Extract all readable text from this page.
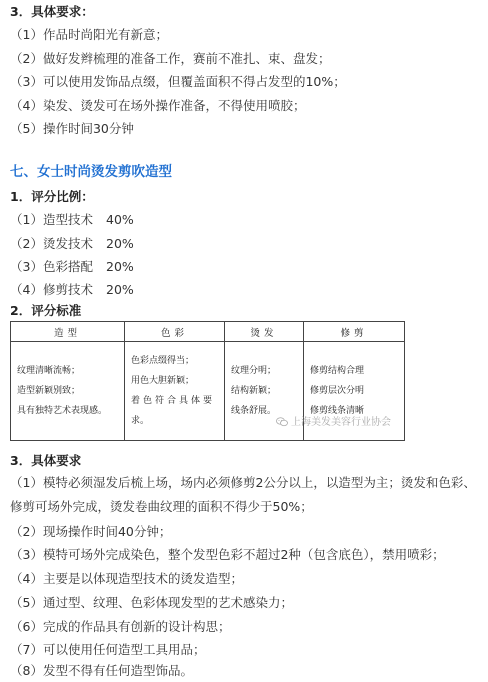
3．具体要求：
（1）作品时尚阳光有新意；
（2）做好发辫梳理的准备工作，赛前不准扎、束、盘发；
（3）可以使用发饰品点缀，但覆盖面积不得占发型的10%；
（4）染发、烫发可在场外操作准备，不得使用喷胶；
（5）操作时间30分钟
七、女士时尚烫发剪吹造型
1．评分比例：
（1）造型技术 40%
（2）烫发技术 20%
（3）色彩搭配 20%
（4）修剪技术 20%
2．评分标准
造型	色彩	烫发	修剪

纹理清晰流畅；
造型新颖别致；
具有独特艺术表现感。	色彩点缀得当；
用色大胆新颖；
着色符合具体要
求。	纹理分明；
结构新颖；
线条舒展。	修剪结构合理
修剪层次分明
修剪线条清晰
上海美发美容行业协会
3．具体要求
（1）模特必须湿发后梳上场，场内必须修剪2公分以上，以造型为主；烫发和色彩、修剪可场外完成，烫发卷曲纹理的面积不得少于50%；
（2）现场操作时间40分钟；
（3）模特可场外完成染色，整个发型色彩不超过2种（包含底色），禁用喷彩；
（4）主要是以体现造型技术的烫发造型；
（5）通过型、纹理、色彩体现发型的艺术感染力；
（6）完成的作品具有创新的设计构思；
（7）可以使用任何造型工具用品；
（8）发型不得有任何造型饰品。
